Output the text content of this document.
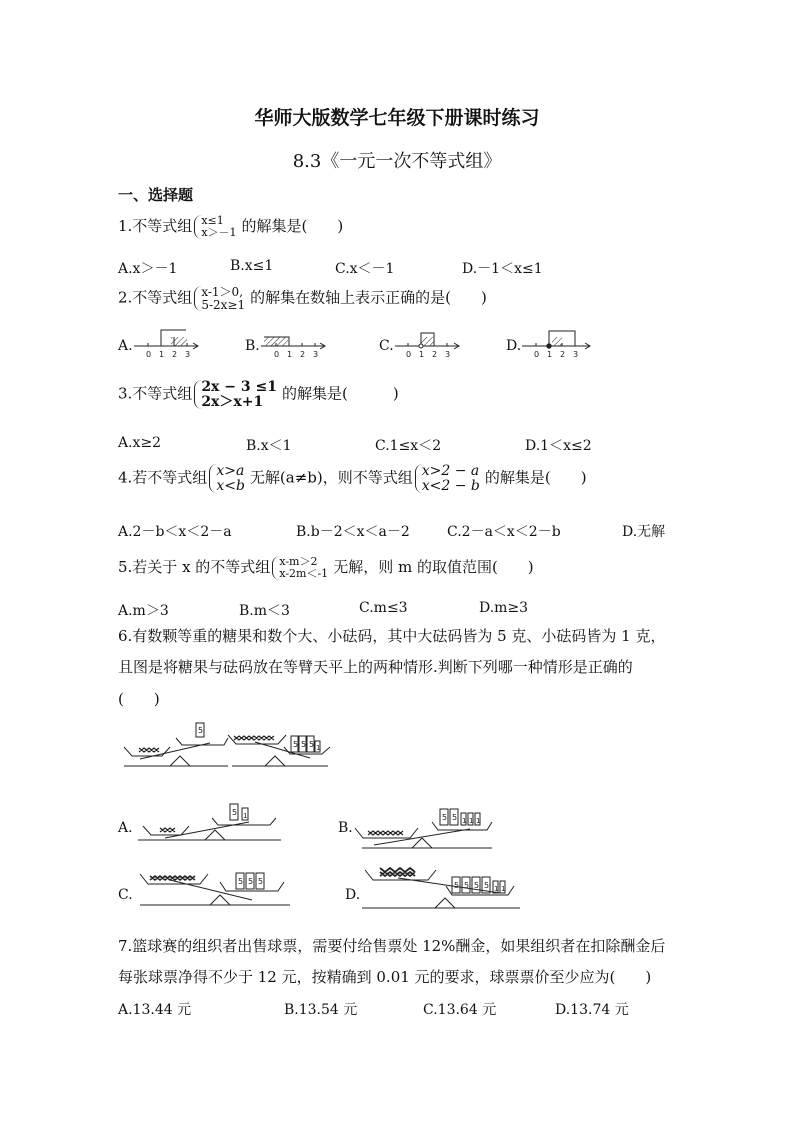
华师大版数学七年级下册课时练习
8.3《一元一次不等式组》
一、选择题
1.不等式组 x≤1
x＞－1 的解集是(　　)
A.x＞－1	B.x≤1	C.x＜－1	D.－1＜x≤1
2.不等式组 x-1＞0,
5-2x≥1 的解集在数轴上表示正确的是(　　)
A.	B.	C.	D.
0 1 2 3	0 1 2 3	0 1 2 3	0 1 2 3
3.不等式组 2x − 3 ≤1
2x＞x+1	的解集是(　　　)
A.x≥2	B.x＜1	C.1≤x＜2	D.1＜x≤2
4.若不等式组 x>a
x<b 无解(a≠b)，则不等式组 x>2 − a
x<2 − b 的解集是(　　)
A.2－b＜x＜2－a	B.b－2＜x＜a－2	C.2－a＜x＜2－b	D.无解
5.若关于 x 的不等式组 x-m＞2
x-2m＜-1 无解，则 m 的取值范围(　　)
A.m＞3	B.m＜3	C.m≤3	D.m≥3
6.有数颗等重的糖果和数个大、小砝码，其中大砝码皆为 5 克、小砝码皆为 1 克，
且图是将糖果与砝码放在等臂天平上的两种情形.判断下列哪一种情形是正确的
(　　)
A.	B.
C.	D.
5
5 5 5 1
5 1	5 5 1 1 1
5 5 5	5 5 5 5 1 1
7.篮球赛的组织者出售球票，需要付给售票处 12%酬金，如果组织者在扣除酬金后
每张球票净得不少于 12 元，按精确到 0.01 元的要求，球票票价至少应为(　　)
A.13.44 元	B.13.54 元	C.13.64 元	D.13.74 元
